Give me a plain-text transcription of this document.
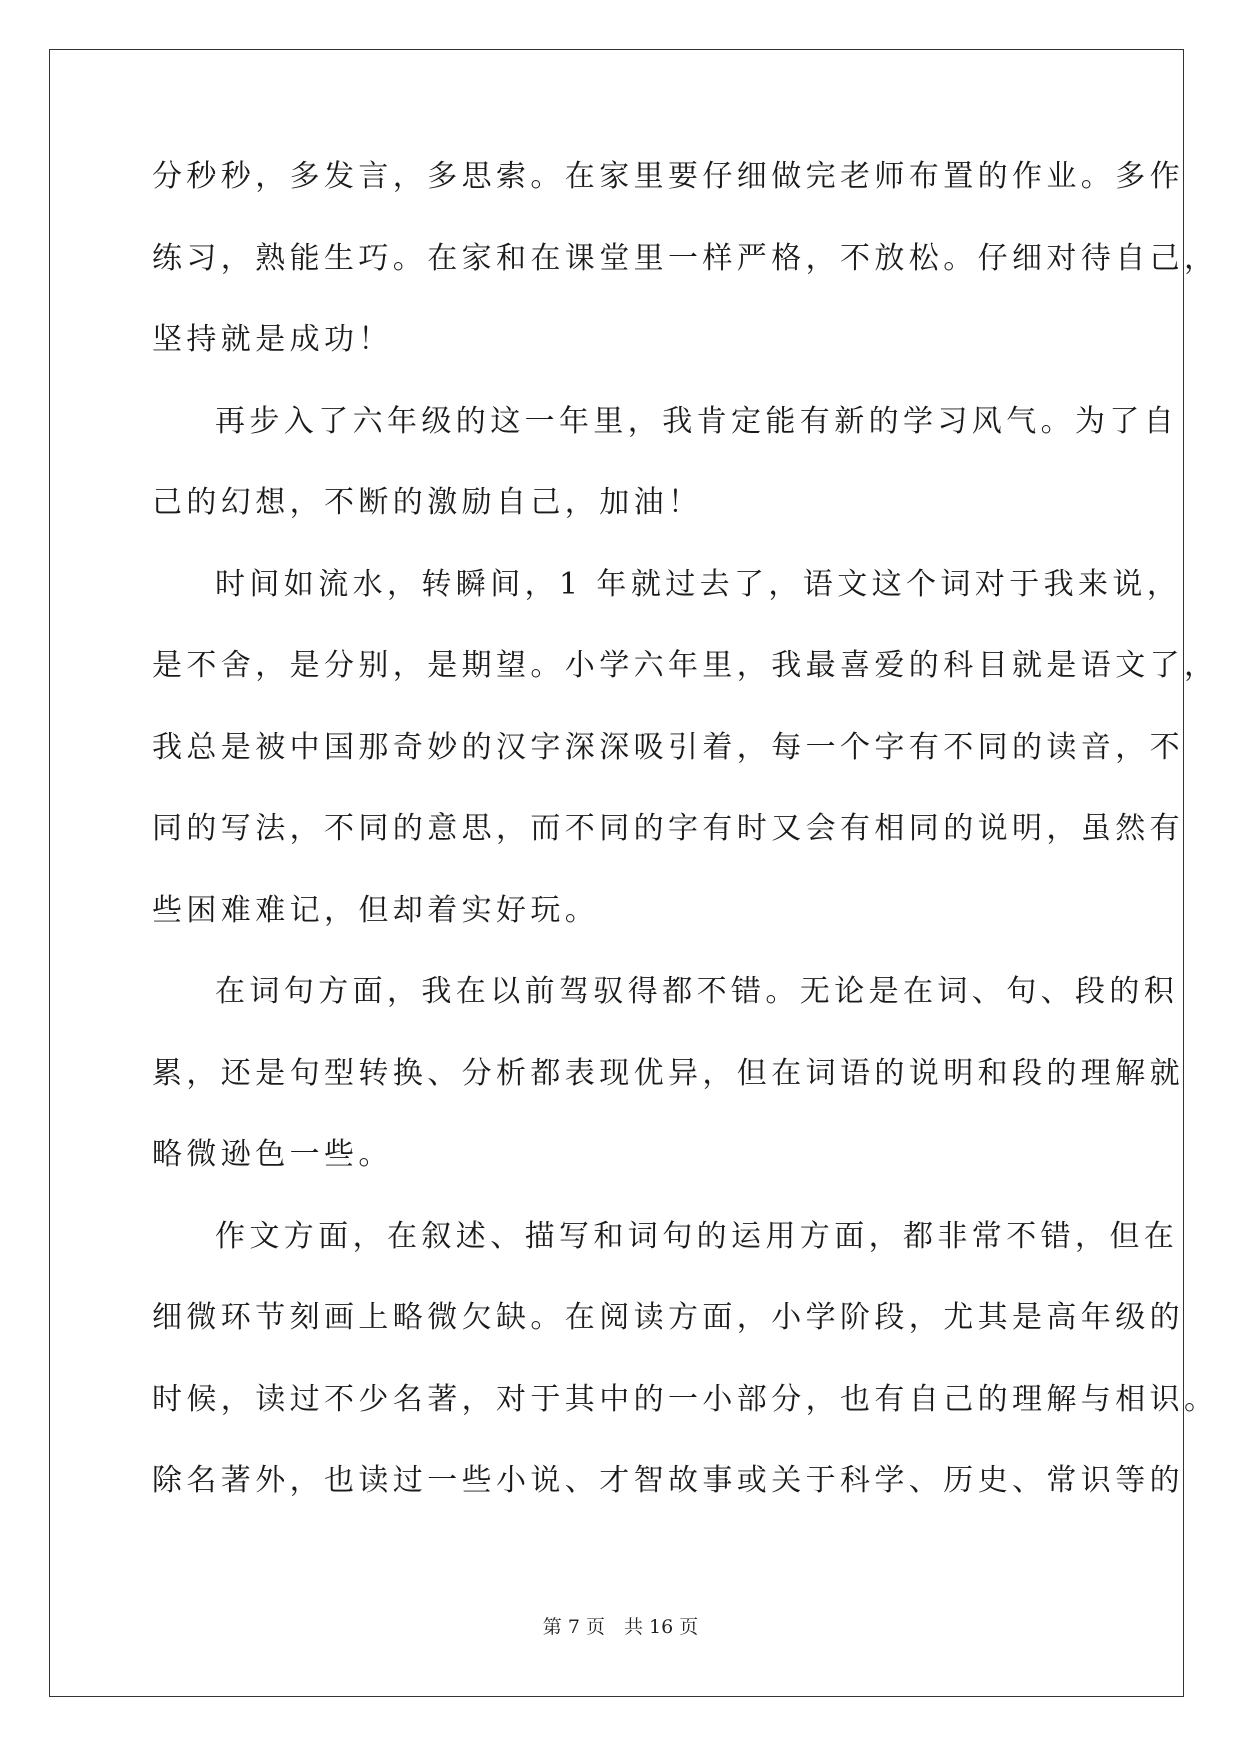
分秒秒，多发言，多思索。在家里要仔细做完老师布置的作业。多作
练习，熟能生巧。在家和在课堂里一样严格，不放松。仔细对待自己，
坚持就是成功！
再步入了六年级的这一年里，我肯定能有新的学习风气。为了自
己的幻想，不断的激励自己，加油！
时间如流水，转瞬间，1 年就过去了，语文这个词对于我来说，
是不舍，是分别，是期望。小学六年里，我最喜爱的科目就是语文了，
我总是被中国那奇妙的汉字深深吸引着，每一个字有不同的读音，不
同的写法，不同的意思，而不同的字有时又会有相同的说明，虽然有
些困难难记，但却着实好玩。
在词句方面，我在以前驾驭得都不错。无论是在词、句、段的积
累，还是句型转换、分析都表现优异，但在词语的说明和段的理解就
略微逊色一些。
作文方面，在叙述、描写和词句的运用方面，都非常不错，但在
细微环节刻画上略微欠缺。在阅读方面，小学阶段，尤其是高年级的
时候，读过不少名著，对于其中的一小部分，也有自己的理解与相识。
除名著外，也读过一些小说、才智故事或关于科学、历史、常识等的
第 7 页　共 16 页
